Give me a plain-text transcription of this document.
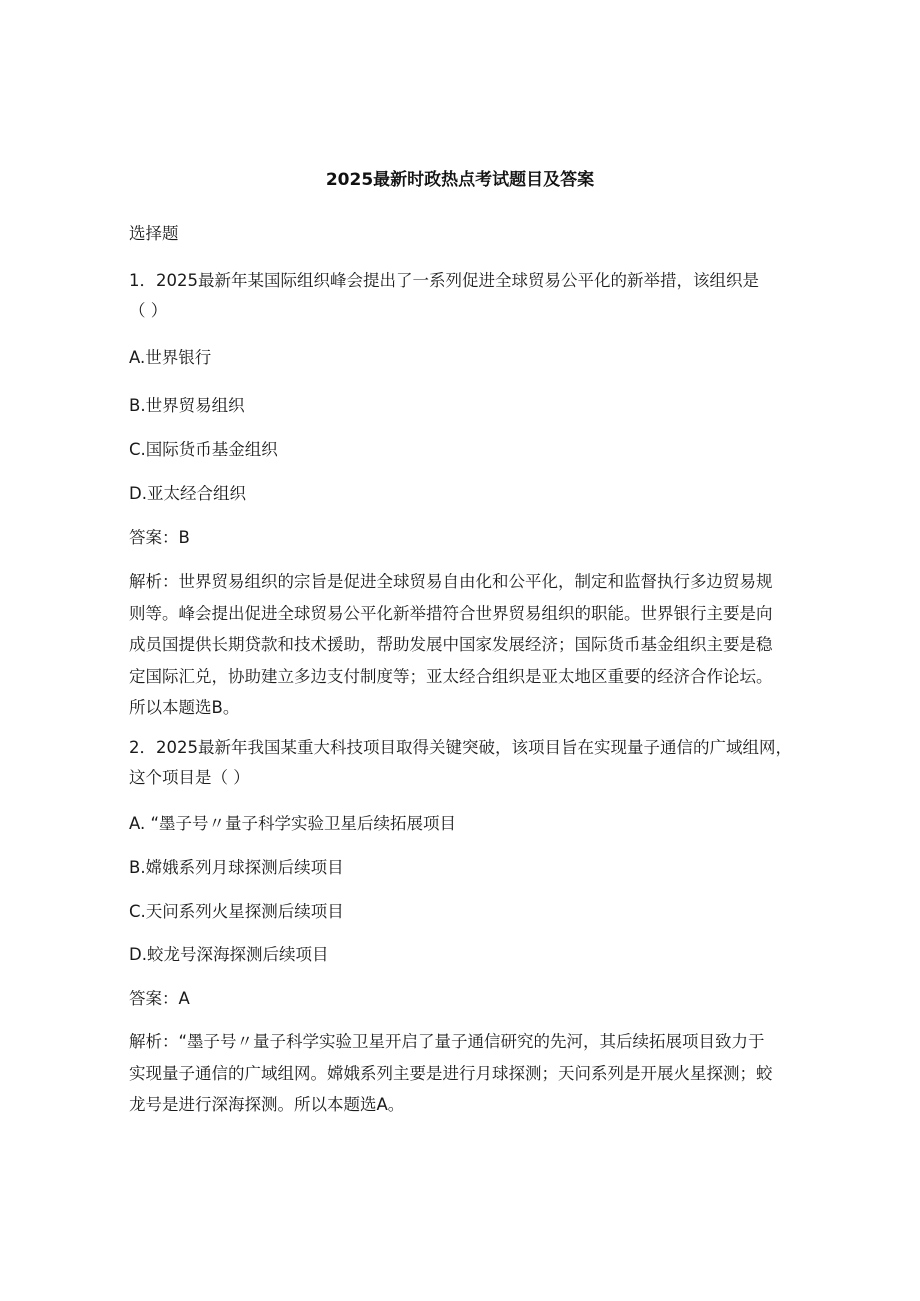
2025最新时政热点考试题目及答案
选择题
1．2025最新年某国际组织峰会提出了一系列促进全球贸易公平化的新举措，该组织是
（ ）
A.世界银行
B.世界贸易组织
C.国际货币基金组织
D.亚太经合组织
答案：B
解析：世界贸易组织的宗旨是促进全球贸易自由化和公平化，制定和监督执行多边贸易规
则等。峰会提出促进全球贸易公平化新举措符合世界贸易组织的职能。世界银行主要是向
成员国提供长期贷款和技术援助，帮助发展中国家发展经济；国际货币基金组织主要是稳
定国际汇兑，协助建立多边支付制度等；亚太经合组织是亚太地区重要的经济合作论坛。
所以本题选B。
2．2025最新年我国某重大科技项目取得关键突破，该项目旨在实现量子通信的广域组网，
这个项目是（ ）
A. “墨子号〃量子科学实验卫星后续拓展项目
B.嫦娥系列月球探测后续项目
C.天问系列火星探测后续项目
D.蛟龙号深海探测后续项目
答案：A
解析：“墨子号〃量子科学实验卫星开启了量子通信研究的先河，其后续拓展项目致力于
实现量子通信的广域组网。嫦娥系列主要是进行月球探测；天问系列是开展火星探测；蛟
龙号是进行深海探测。所以本题选A。
